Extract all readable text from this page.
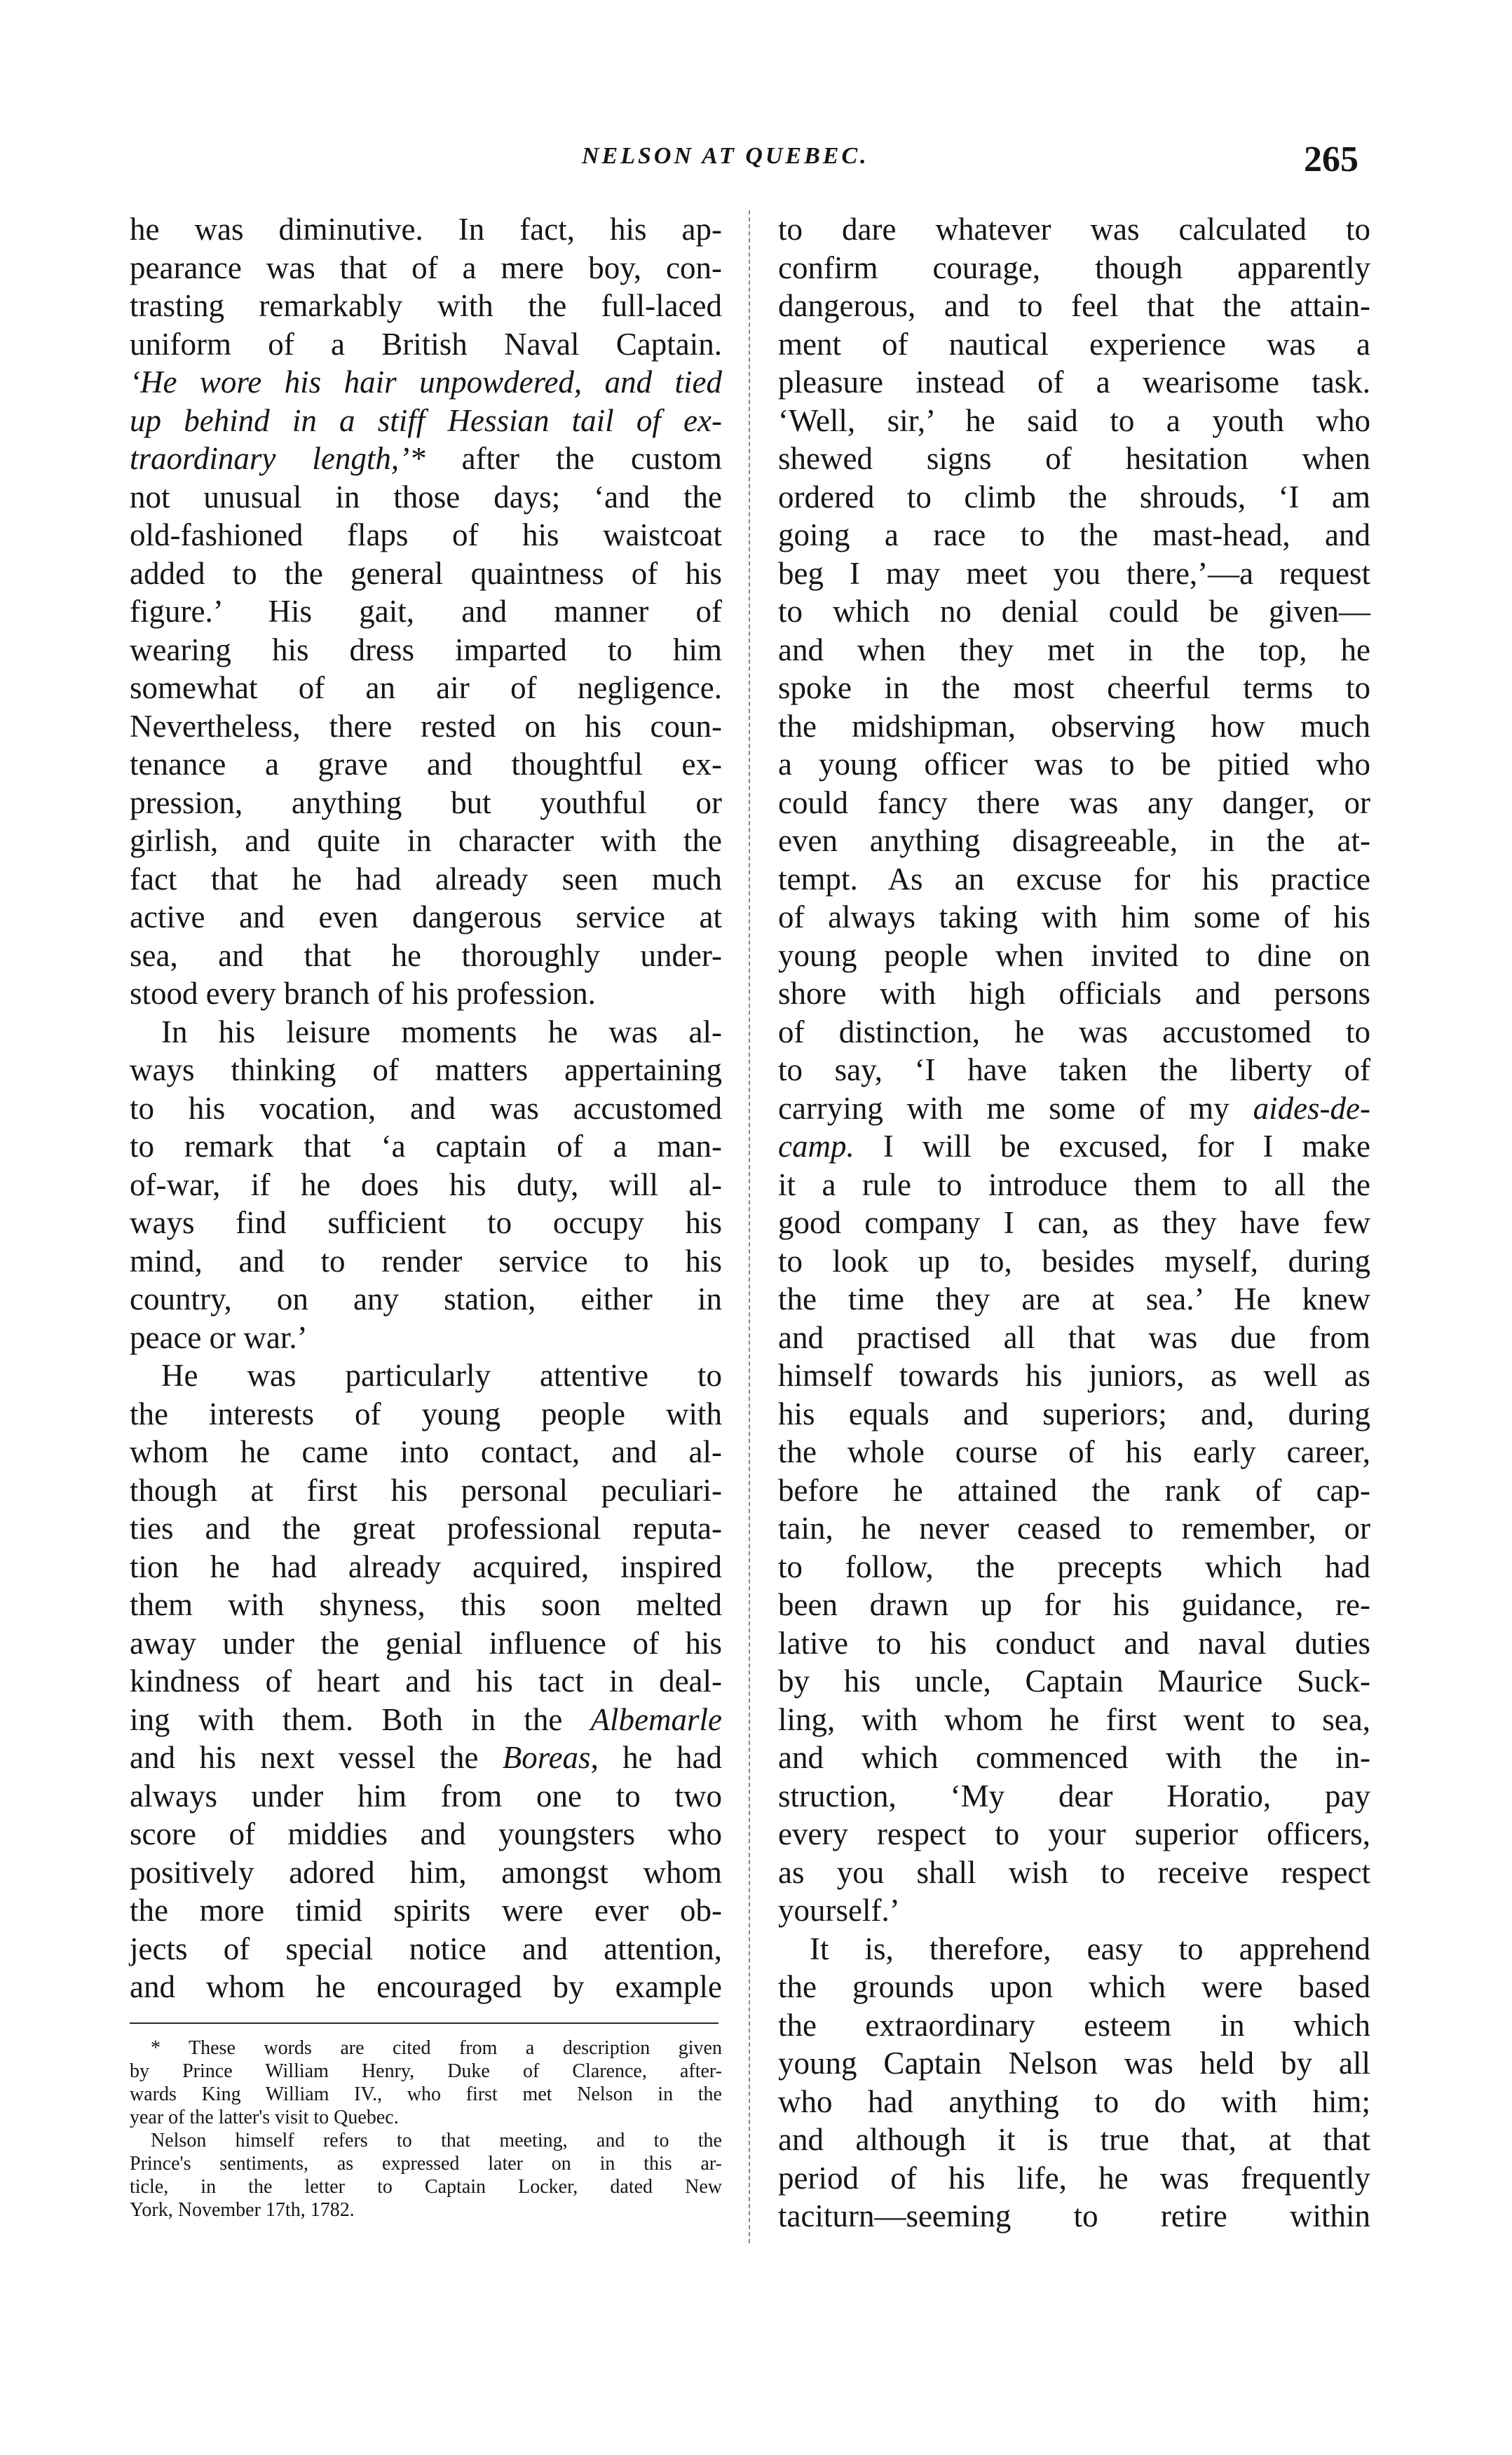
NELSON AT QUEBEC.	265
he was diminutive. In fact, his ap-
pearance was that of a mere boy, con-
trasting remarkably with the full-laced
uniform of a British Naval Captain.
‘He wore his hair unpowdered, and tied
up behind in a stiff Hessian tail of ex-
traordinary length,’* after the custom
not unusual in those days; ‘and the
old-fashioned flaps of his waistcoat
added to the general quaintness of his
figure.’ His gait, and manner of
wearing his dress imparted to him
somewhat of an air of negligence.
Nevertheless, there rested on his coun-
tenance a grave and thoughtful ex-
pression, anything but youthful or
girlish, and quite in character with the
fact that he had already seen much
active and even dangerous service at
sea, and that he thoroughly under-
stood every branch of his profession.
In his leisure moments he was al-
ways thinking of matters appertaining
to his vocation, and was accustomed
to remark that ‘a captain of a man-
of-war, if he does his duty, will al-
ways find sufficient to occupy his
mind, and to render service to his
country, on any station, either in
peace or war.’
He was particularly attentive to
the interests of young people with
whom he came into contact, and al-
though at first his personal peculiari-
ties and the great professional reputa-
tion he had already acquired, inspired
them with shyness, this soon melted
away under the genial influence of his
kindness of heart and his tact in deal-
ing with them. Both in the Albemarle
and his next vessel the Boreas, he had
always under him from one to two
score of middies and youngsters who
positively adored him, amongst whom
the more timid spirits were ever ob-
jects of special notice and attention,
and whom he encouraged by example
to dare whatever was calculated to
confirm courage, though apparently
dangerous, and to feel that the attain-
ment of nautical experience was a
pleasure instead of a wearisome task.
‘Well, sir,’ he said to a youth who
shewed signs of hesitation when
ordered to climb the shrouds, ‘I am
going a race to the mast-head, and
beg I may meet you there,’—a request
to which no denial could be given—
and when they met in the top, he
spoke in the most cheerful terms to
the midshipman, observing how much
a young officer was to be pitied who
could fancy there was any danger, or
even anything disagreeable, in the at-
tempt. As an excuse for his practice
of always taking with him some of his
young people when invited to dine on
shore with high officials and persons
of distinction, he was accustomed to
to say, ‘I have taken the liberty of
carrying with me some of my aides-de-
camp. I will be excused, for I make
it a rule to introduce them to all the
good company I can, as they have few
to look up to, besides myself, during
the time they are at sea.’ He knew
and practised all that was due from
himself towards his juniors, as well as
his equals and superiors; and, during
the whole course of his early career,
before he attained the rank of cap-
tain, he never ceased to remember, or
to follow, the precepts which had
been drawn up for his guidance, re-
lative to his conduct and naval duties
by his uncle, Captain Maurice Suck-
ling, with whom he first went to sea,
and which commenced with the in-
struction, ‘My dear Horatio, pay
every respect to your superior officers,
as you shall wish to receive respect
yourself.’
It is, therefore, easy to apprehend
the grounds upon which were based
the extraordinary esteem in which
young Captain Nelson was held by all
who had anything to do with him;
and although it is true that, at that
period of his life, he was frequently
taciturn—seeming to retire within
* These words are cited from a description given
by Prince William Henry, Duke of Clarence, after-
wards King William IV., who first met Nelson in the
year of the latter's visit to Quebec.
Nelson himself refers to that meeting, and to the
Prince's sentiments, as expressed later on in this ar-
ticle, in the letter to Captain Locker, dated New
York, November 17th, 1782.
